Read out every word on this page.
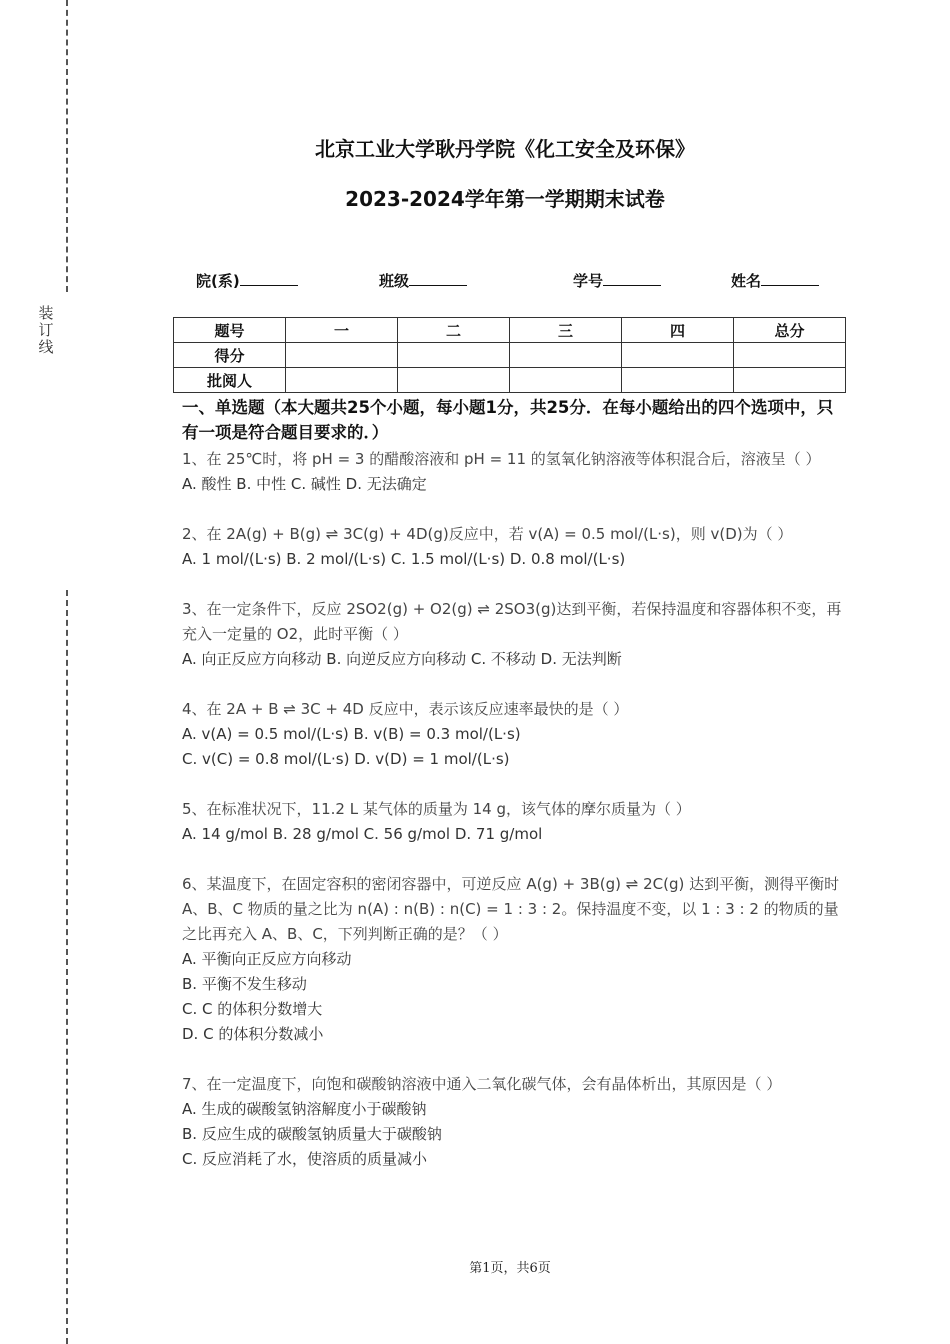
装订线
北京工业大学耿丹学院《化工安全及环保》
2023-2024学年第一学期期末试卷
院(系)	班级	学号	姓名
题号	一	二	三	四	总分
得分					
批阅人					
一、单选题（本大题共25个小题，每小题1分，共25分．在每小题给出的四个选项中，只有一项是符合题目要求的．）
1、在 25℃时，将 pH = 3 的醋酸溶液和 pH = 11 的氢氧化钠溶液等体积混合后，溶液呈（ ）
A. 酸性 B. 中性 C. 碱性 D. 无法确定
2、在 2A(g) + B(g) ⇌ 3C(g) + 4D(g)反应中，若 v(A) = 0.5 mol/(L·s)，则 v(D)为（ ）
A. 1 mol/(L·s) B. 2 mol/(L·s) C. 1.5 mol/(L·s) D. 0.8 mol/(L·s)
3、在一定条件下，反应 2SO2(g) + O2(g) ⇌ 2SO3(g)达到平衡，若保持温度和容器体积不变，再充入一定量的 O2，此时平衡（ ）
A. 向正反应方向移动 B. 向逆反应方向移动 C. 不移动 D. 无法判断
4、在 2A + B ⇌ 3C + 4D 反应中，表示该反应速率最快的是（ ）
A. v(A) = 0.5 mol/(L·s) B. v(B) = 0.3 mol/(L·s)
C. v(C) = 0.8 mol/(L·s) D. v(D) = 1 mol/(L·s)
5、在标准状况下，11.2 L 某气体的质量为 14 g，该气体的摩尔质量为（ ）
A. 14 g/mol B. 28 g/mol C. 56 g/mol D. 71 g/mol
6、某温度下，在固定容积的密闭容器中，可逆反应 A(g) + 3B(g) ⇌ 2C(g) 达到平衡，测得平衡时 A、B、C 物质的量之比为 n(A) : n(B) : n(C) = 1 : 3 : 2。保持温度不变，以 1 : 3 : 2 的物质的量之比再充入 A、B、C，下列判断正确的是？（ ）
A. 平衡向正反应方向移动
B. 平衡不发生移动
C. C 的体积分数增大
D. C 的体积分数减小
7、在一定温度下，向饱和碳酸钠溶液中通入二氧化碳气体，会有晶体析出，其原因是（ ）
A. 生成的碳酸氢钠溶解度小于碳酸钠
B. 反应生成的碳酸氢钠质量大于碳酸钠
C. 反应消耗了水，使溶质的质量减小
第1页，共6页
